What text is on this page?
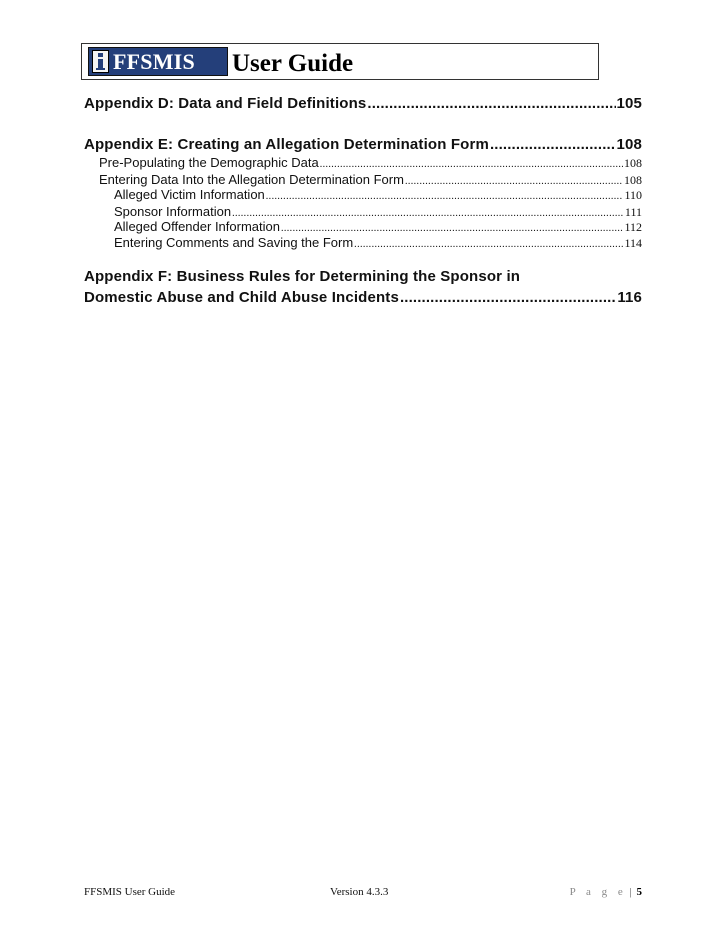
FFSMIS User Guide
Appendix D: Data and Field Definitions .....	105
Appendix E: Creating an Allegation Determination Form .....	108
Pre-Populating the Demographic Data .....	108
Entering Data Into the Allegation Determination Form .....	108
Alleged Victim Information .....	110
Sponsor Information .....	111
Alleged Offender Information .....	112
Entering Comments and Saving the Form .....	114
Appendix F: Business Rules for Determining the Sponsor in
Domestic Abuse and Child Abuse Incidents .....	116
FFSMIS User Guide	Version 4.3.3	P a g e | 5
